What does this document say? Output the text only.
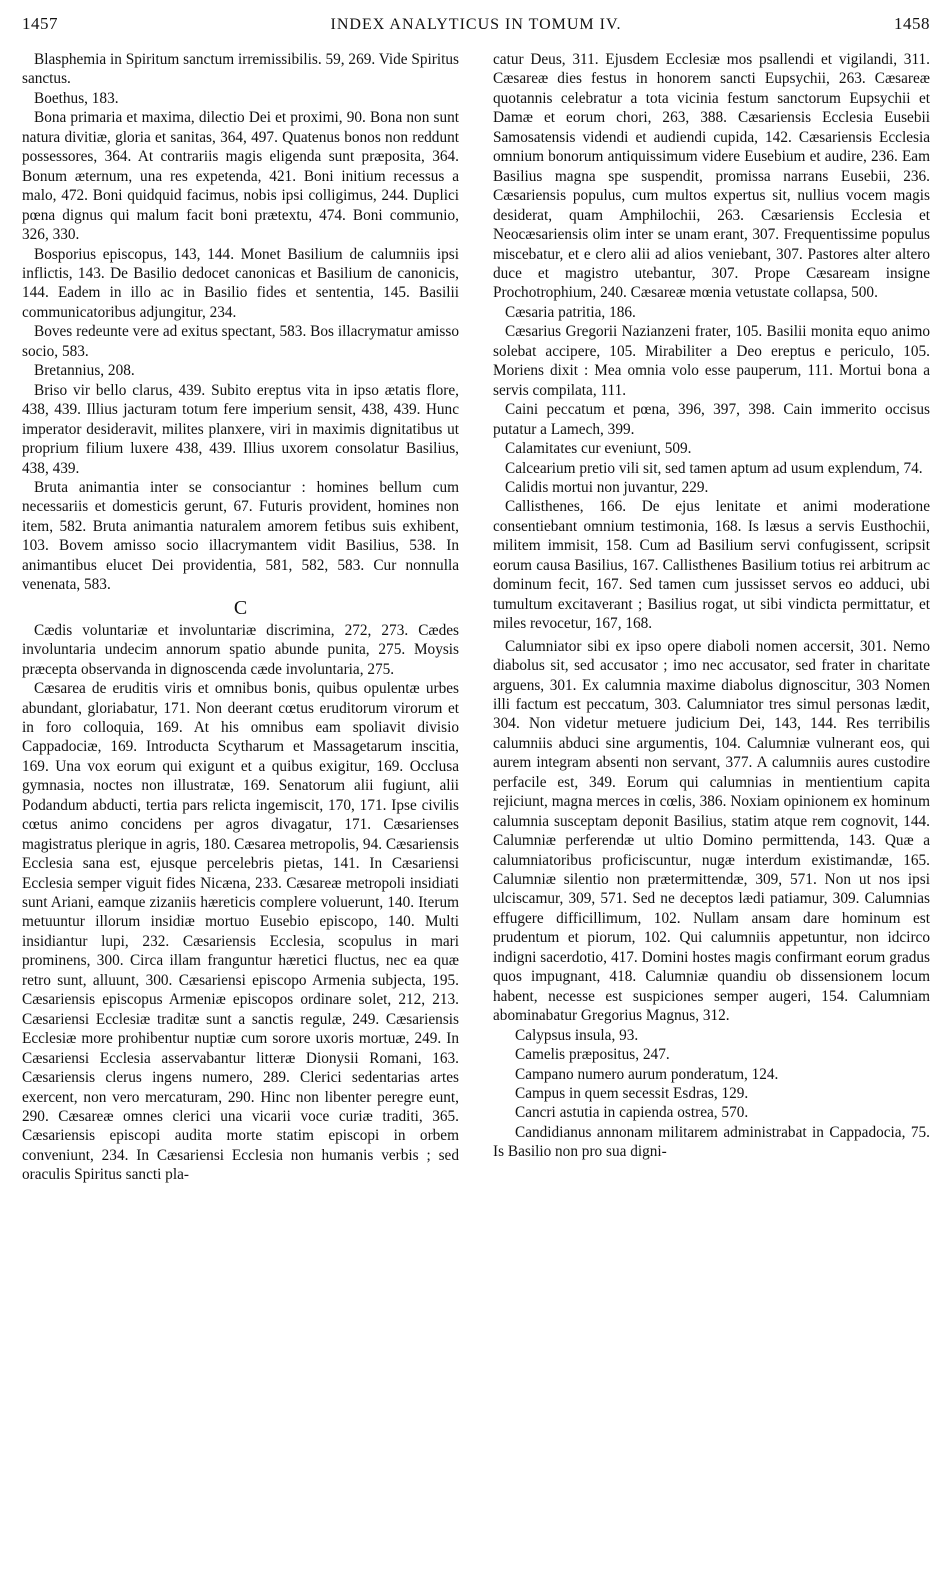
1457	INDEX ANALYTICUS IN TOMUM IV.	1458

Blasphemia in Spiritum sanctum irremissibilis. 59, 269. Vide Spiritus sanctus.

Boethus, 183.

Bona primaria et maxima, dilectio Dei et proximi, 90. Bona non sunt natura divitiæ, gloria et sanitas, 364, 497. Quatenus bonos non reddunt possessores, 364. At contrariis magis eligenda sunt præposita, 364. Bonum æternum, una res expetenda, 421. Boni initium recessus a malo, 472. Boni quidquid facimus, nobis ipsi colligimus, 244. Duplici pœna dignus qui malum facit boni prætextu, 474. Boni communio, 326, 330.

Bosporius episcopus, 143, 144. Monet Basilium de calumniis ipsi inflictis, 143. De Basilio dedocet canonicas et Basilium de canonicis, 144. Eadem in illo ac in Basilio fides et sententia, 145. Basilii communicatoribus adjungitur, 234.

Boves redeunte vere ad exitus spectant, 583. Bos illacrymatur amisso socio, 583.

Bretannius, 208.

Briso vir bello clarus, 439. Subito ereptus vita in ipso ætatis flore, 438, 439. Illius jacturam totum fere imperium sensit, 438, 439. Hunc imperator desideravit, milites planxere, viri in maximis dignitatibus ut proprium filium luxere 438, 439. Illius uxorem consolatur Basilius, 438, 439.

Bruta animantia inter se consociantur : homines bellum cum necessariis et domesticis gerunt, 67. Futuris provident, homines non item, 582. Bruta animantia naturalem amorem fetibus suis exhibent, 103. Bovem amisso socio illacrymantem vidit Basilius, 538. In animantibus elucet Dei providentia, 581, 582, 583. Cur nonnulla venenata, 583.

C

Cædis voluntariæ et involuntariæ discrimina, 272, 273. Cædes involuntaria undecim annorum spatio abunde punita, 275. Moysis præcepta observanda in dignoscenda cæde involuntaria, 275.

Cæsarea de eruditis viris et omnibus bonis, quibus opulentæ urbes abundant, gloriabatur, 171. Non deerant cœtus eruditorum virorum et in foro colloquia, 169. At his omnibus eam spoliavit divisio Cappadociæ, 169. Introducta Scytharum et Massagetarum inscitia, 169. Una vox eorum qui exigunt et a quibus exigitur, 169. Occlusa gymnasia, noctes non illustratæ, 169. Senatorum alii fugiunt, alii Podandum abducti, tertia pars relicta ingemiscit, 170, 171. Ipse civilis cœtus animo concidens per agros divagatur, 171. Cæsarienses magistratus plerique in agris, 180. Cæsarea metropolis, 94. Cæsariensis Ecclesia sana est, ejusque percelebris pietas, 141. In Cæsariensi Ecclesia semper viguit fides Nicæna, 233. Cæsareæ metropoli insidiati sunt Ariani, eamque zizaniis hæreticis complere voluerunt, 140. Iterum metuuntur illorum insidiæ mortuo Eusebio episcopo, 140. Multi insidiantur lupi, 232. Cæsariensis Ecclesia, scopulus in mari prominens, 300. Circa illam franguntur hæretici fluctus, nec ea quæ retro sunt, alluunt, 300. Cæsariensi episcopo Armenia subjecta, 195. Cæsariensis episcopus Armeniæ episcopos ordinare solet, 212, 213. Cæsariensi Ecclesiæ traditæ sunt a sanctis regulæ, 249. Cæsariensis Ecclesiæ more prohibentur nuptiæ cum sorore uxoris mortuæ, 249. In Cæsariensi Ecclesia asservabantur litteræ Dionysii Romani, 163. Cæsariensis clerus ingens numero, 289. Clerici sedentarias artes exercent, non vero mercaturam, 290. Hinc non libenter peregre eunt, 290. Cæsareæ omnes clerici una vicarii voce curiæ traditi, 365. Cæsariensis episcopi audita morte statim episcopi in orbem conveniunt, 234. In Cæsariensi Ecclesia non humanis verbis ; sed oraculis Spiritus sancti pla-

catur Deus, 311. Ejusdem Ecclesiæ mos psallendi et vigilandi, 311. Cæsareæ dies festus in honorem sancti Eupsychii, 263. Cæsareæ quotannis celebratur a tota vicinia festum sanctorum Eupsychii et Damæ et eorum chori, 263, 388. Cæsariensis Ecclesia Eusebii Samosatensis videndi et audiendi cupida, 142. Cæsariensis Ecclesia omnium bonorum antiquissimum videre Eusebium et audire, 236. Eam Basilius magna spe suspendit, promissa narrans Eusebii, 236. Cæsariensis populus, cum multos expertus sit, nullius vocem magis desiderat, quam Amphilochii, 263. Cæsariensis Ecclesia et Neocæsariensis olim inter se unam erant, 307. Frequentissime populus miscebatur, et e clero alii ad alios veniebant, 307. Pastores alter altero duce et magistro utebantur, 307. Prope Cæsaream insigne Prochotrophium, 240. Cæsareæ mœnia vetustate collapsa, 500.

Cæsaria patritia, 186.

Cæsarius Gregorii Nazianzeni frater, 105. Basilii monita equo animo solebat accipere, 105. Mirabiliter a Deo ereptus e periculo, 105. Moriens dixit : Mea omnia volo esse pauperum, 111. Mortui bona a servis compilata, 111.

Caini peccatum et pœna, 396, 397, 398. Cain immerito occisus putatur a Lamech, 399.

Calamitates cur eveniunt, 509.

Calcearium pretio vili sit, sed tamen aptum ad usum explendum, 74.

Calidis mortui non juvantur, 229.

Callisthenes, 166. De ejus lenitate et animi moderatione consentiebant omnium testimonia, 168. Is læsus a servis Eusthochii, militem immisit, 158. Cum ad Basilium servi confugissent, scripsit eorum causa Basilius, 167. Callisthenes Basilium totius rei arbitrum ac dominum fecit, 167. Sed tamen cum jussisset servos eo adduci, ubi tumultum excitaverant ; Basilius rogat, ut sibi vindicta permittatur, et miles revocetur, 167, 168.

Calumniator sibi ex ipso opere diaboli nomen accersit, 301. Nemo diabolus sit, sed accusator ; imo nec accusator, sed frater in charitate arguens, 301. Ex calumnia maxime diabolus dignoscitur, 303 Nomen illi factum est peccatum, 303. Calumniator tres simul personas lædit, 304. Non videtur metuere judicium Dei, 143, 144. Res terribilis calumniis abduci sine argumentis, 104. Calumniæ vulnerant eos, qui aurem integram absenti non servant, 377. A calumniis aures custodire perfacile est, 349. Eorum qui calumnias in mentientium capita rejiciunt, magna merces in cœlis, 386. Noxiam opinionem ex hominum calumnia susceptam deponit Basilius, statim atque rem cognovit, 144. Calumniæ perferendæ ut ultio Domino permittenda, 143. Quæ a calumniatoribus proficiscuntur, nugæ interdum existimandæ, 165. Calumniæ silentio non prætermittendæ, 309, 571. Non ut nos ipsi ulciscamur, 309, 571. Sed ne deceptos lædi patiamur, 309. Calumnias effugere difficillimum, 102. Nullam ansam dare hominum est prudentum et piorum, 102. Qui calumniis appetuntur, non idcirco indigni sacerdotio, 417. Domini hostes magis confirmant eorum gradus quos impugnant, 418. Calumniæ quandiu ob dissensionem locum habent, necesse est suspiciones semper augeri, 154. Calumniam abominabatur Gregorius Magnus, 312.

Calypsus insula, 93.

Camelis præpositus, 247.

Campano numero aurum ponderatum, 124.

Campus in quem secessit Esdras, 129.

Cancri astutia in capienda ostrea, 570.

Candidianus annonam militarem administrabat in Cappadocia, 75. Is Basilio non pro sua digni-
